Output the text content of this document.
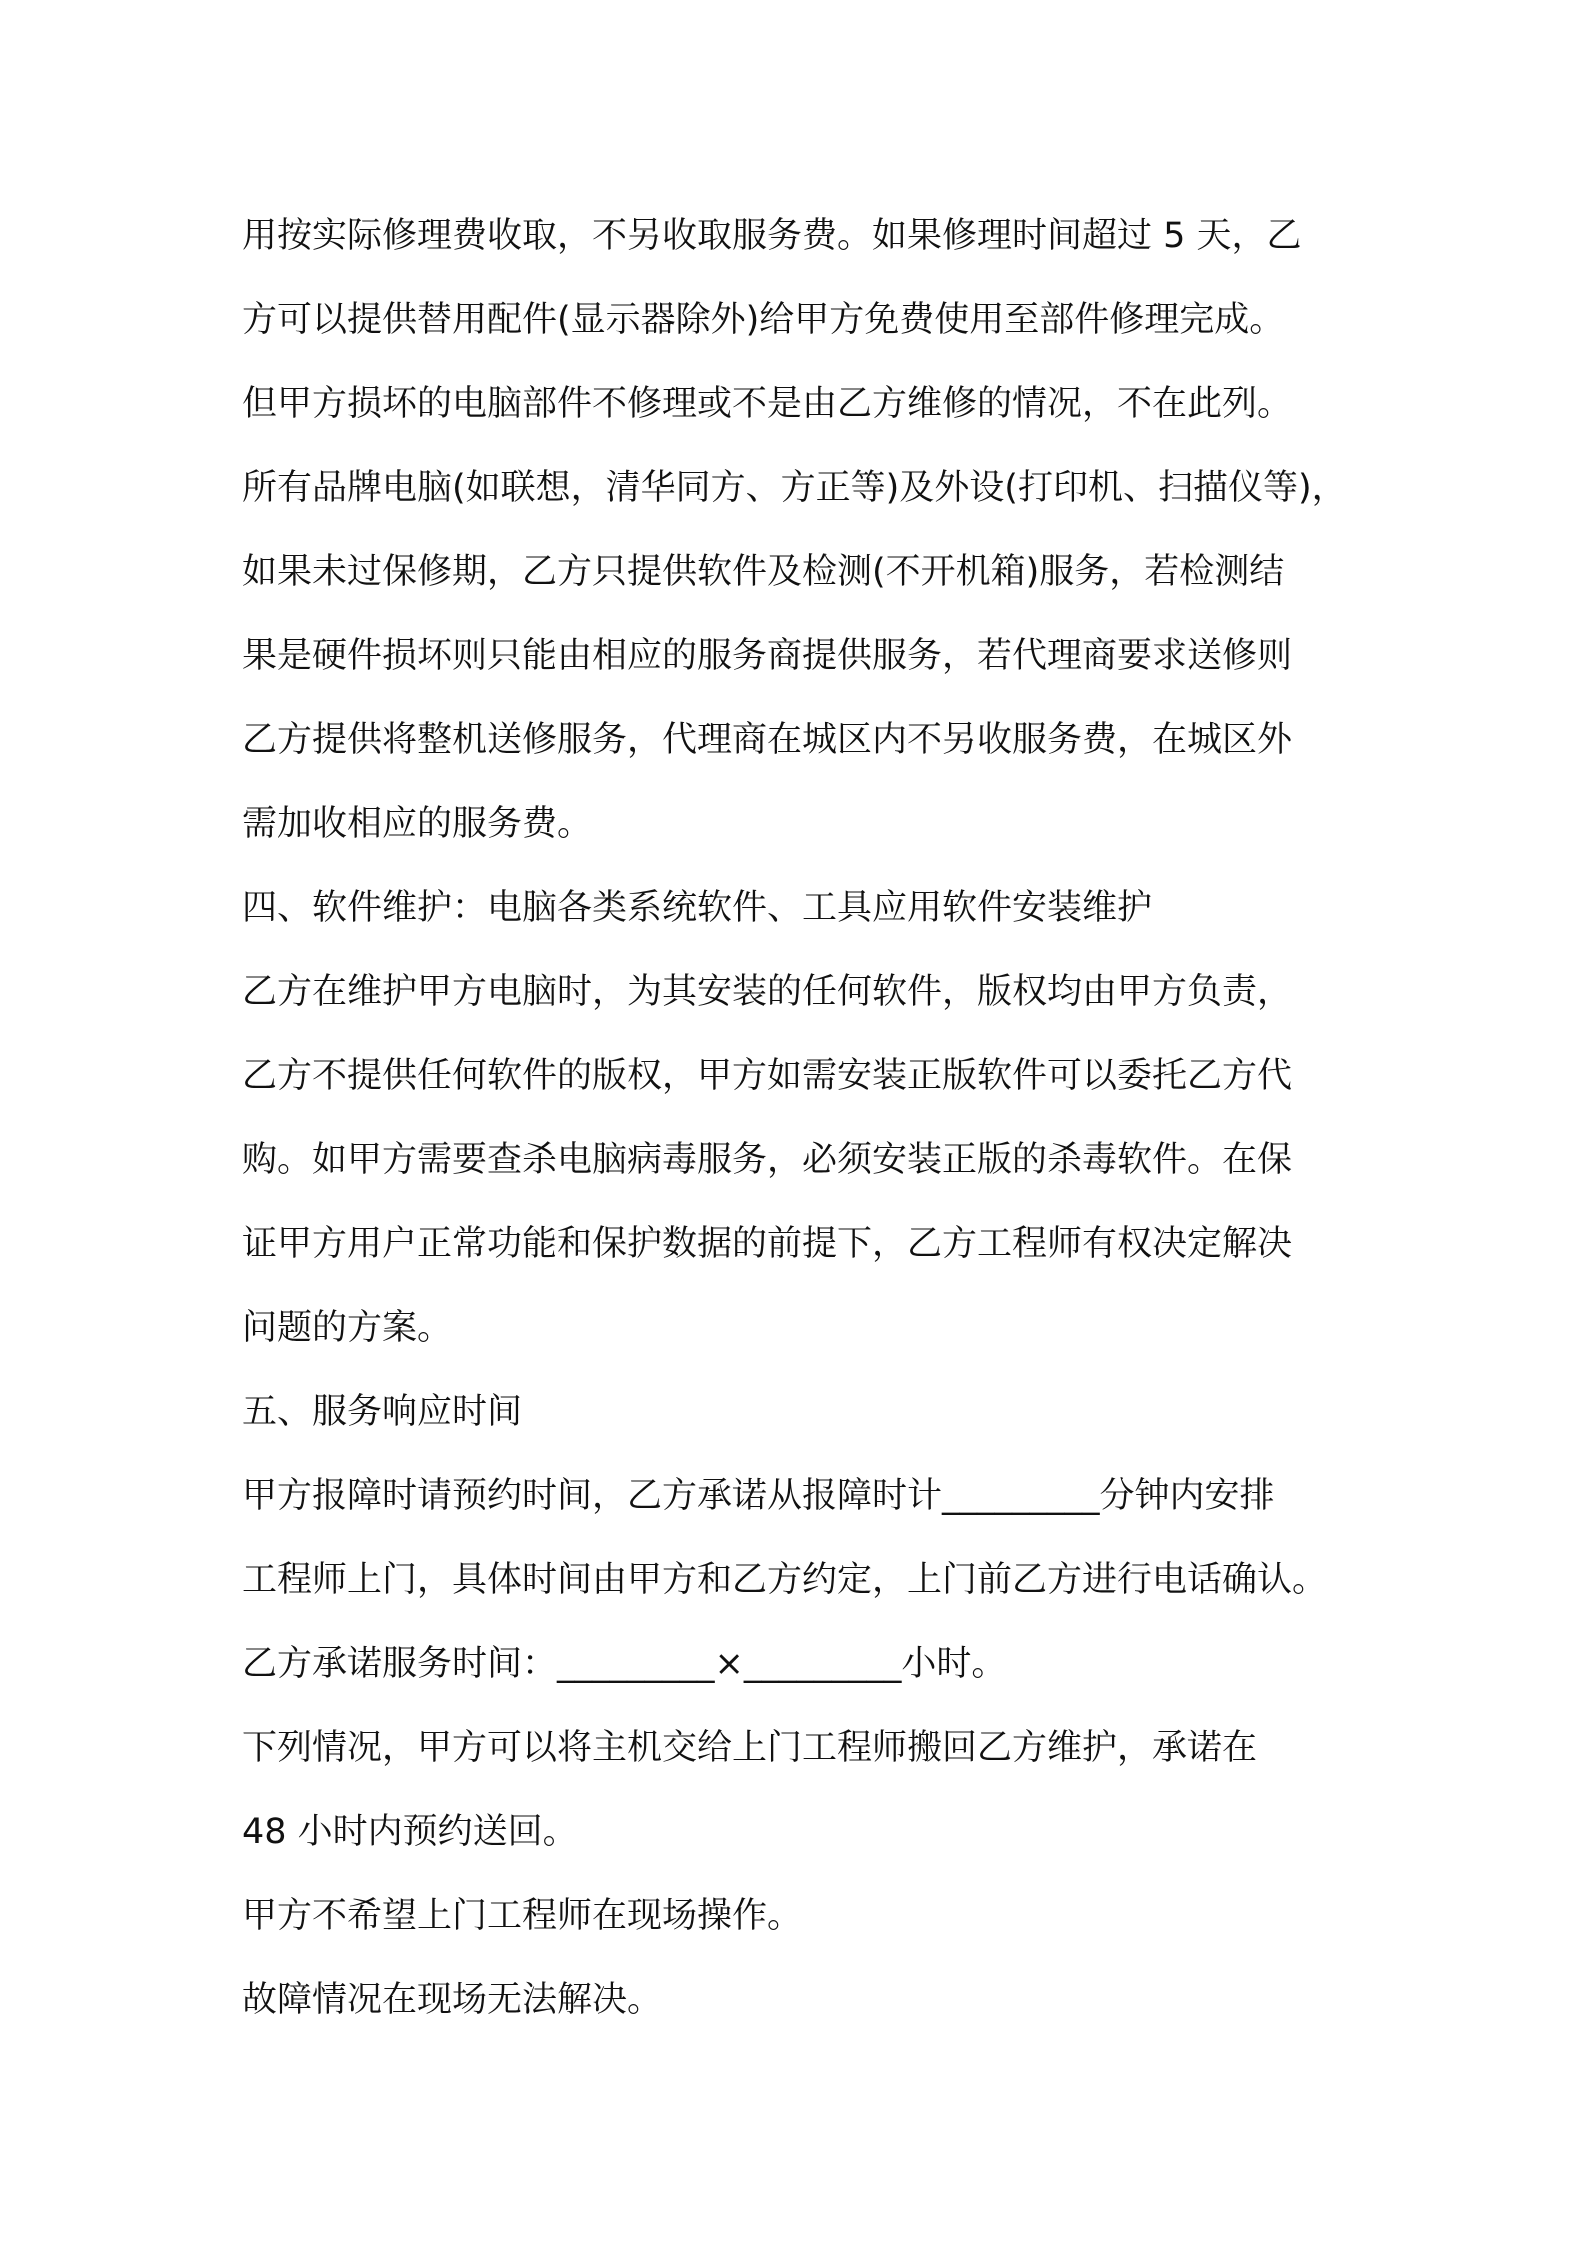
用按实际修理费收取，不另收取服务费。如果修理时间超过 5 天，乙
方可以提供替用配件(显示器除外)给甲方免费使用至部件修理完成。
但甲方损坏的电脑部件不修理或不是由乙方维修的情况，不在此列。
所有品牌电脑(如联想，清华同方、方正等)及外设(打印机、扫描仪等)，
如果未过保修期，乙方只提供软件及检测(不开机箱)服务，若检测结
果是硬件损坏则只能由相应的服务商提供服务，若代理商要求送修则
乙方提供将整机送修服务，代理商在城区内不另收服务费，在城区外
需加收相应的服务费。
四、软件维护：电脑各类系统软件、工具应用软件安装维护
乙方在维护甲方电脑时，为其安装的任何软件，版权均由甲方负责，
乙方不提供任何软件的版权，甲方如需安装正版软件可以委托乙方代
购。如甲方需要查杀电脑病毒服务，必须安装正版的杀毒软件。在保
证甲方用户正常功能和保护数据的前提下，乙方工程师有权决定解决
问题的方案。
五、服务响应时间
甲方报障时请预约时间，乙方承诺从报障时计_________分钟内安排
工程师上门，具体时间由甲方和乙方约定，上门前乙方进行电话确认。
乙方承诺服务时间：_________×_________小时。
下列情况，甲方可以将主机交给上门工程师搬回乙方维护，承诺在
48 小时内预约送回。
甲方不希望上门工程师在现场操作。
故障情况在现场无法解决。
